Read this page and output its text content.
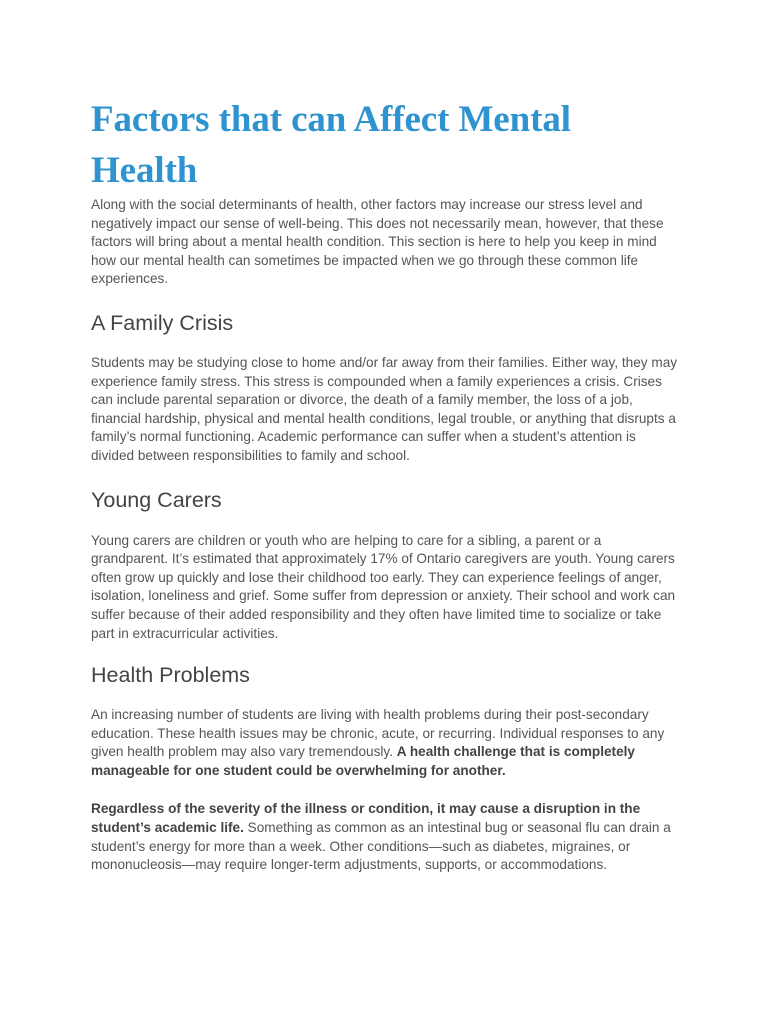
Factors that can Affect Mental Health

Along with the social determinants of health, other factors may increase our stress level and negatively impact our sense of well-being. This does not necessarily mean, however, that these factors will bring about a mental health condition. This section is here to help you keep in mind how our mental health can sometimes be impacted when we go through these common life experiences.

A Family Crisis

Students may be studying close to home and/or far away from their families. Either way, they may experience family stress. This stress is compounded when a family experiences a crisis. Crises can include parental separation or divorce, the death of a family member, the loss of a job, financial hardship, physical and mental health conditions, legal trouble, or anything that disrupts a family’s normal functioning. Academic performance can suffer when a student’s attention is divided between responsibilities to family and school.

Young Carers

Young carers are children or youth who are helping to care for a sibling, a parent or a grandparent. It’s estimated that approximately 17% of Ontario caregivers are youth. Young carers often grow up quickly and lose their childhood too early. They can experience feelings of anger, isolation, loneliness and grief. Some suffer from depression or anxiety. Their school and work can suffer because of their added responsibility and they often have limited time to socialize or take part in extracurricular activities.

Health Problems

An increasing number of students are living with health problems during their post-secondary education. These health issues may be chronic, acute, or recurring. Individual responses to any given health problem may also vary tremendously. A health challenge that is completely manageable for one student could be overwhelming for another.

Regardless of the severity of the illness or condition, it may cause a disruption in the student’s academic life. Something as common as an intestinal bug or seasonal flu can drain a student’s energy for more than a week. Other conditions—such as diabetes, migraines, or mononucleosis—may require longer-term adjustments, supports, or accommodations.
